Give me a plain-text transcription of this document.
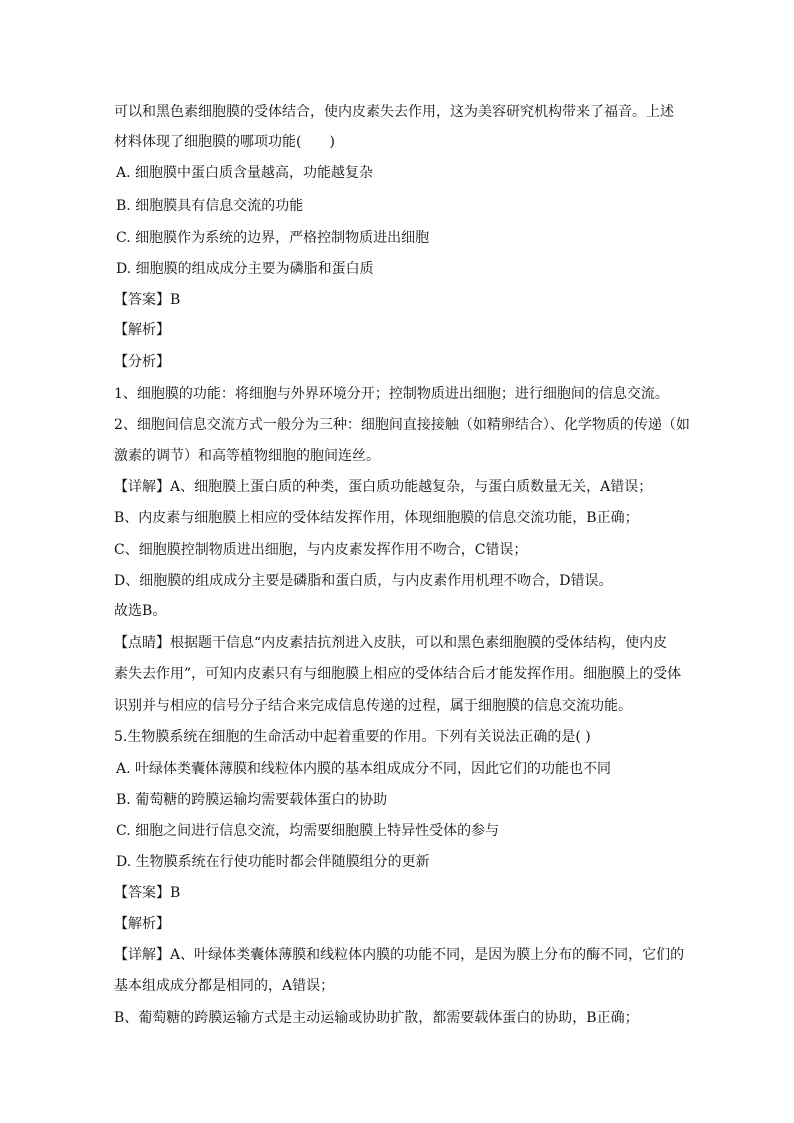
可以和黑色素细胞膜的受体结合，使内皮素失去作用，这为美容研究机构带来了福音。上述
材料体现了细胞膜的哪项功能(　　)
A. 细胞膜中蛋白质含量越高，功能越复杂
B. 细胞膜具有信息交流的功能
C. 细胞膜作为系统的边界，严格控制物质进出细胞
D. 细胞膜的组成成分主要为磷脂和蛋白质
【答案】B
【解析】
【分析】
1、细胞膜的功能：将细胞与外界环境分开；控制物质进出细胞；进行细胞间的信息交流。
2、细胞间信息交流方式一般分为三种：细胞间直接接触（如精卵结合）、化学物质的传递（如
激素的调节）和高等植物细胞的胞间连丝。
【详解】A、细胞膜上蛋白质的种类，蛋白质功能越复杂，与蛋白质数量无关，A错误；
B、内皮素与细胞膜上相应的受体结发挥作用，体现细胞膜的信息交流功能，B正确；
C、细胞膜控制物质进出细胞，与内皮素发挥作用不吻合，C错误；
D、细胞膜的组成成分主要是磷脂和蛋白质，与内皮素作用机理不吻合，D错误。
故选B。
【点睛】根据题干信息“内皮素拮抗剂进入皮肤，可以和黑色素细胞膜的受体结构，使内皮
素失去作用”，可知内皮素只有与细胞膜上相应的受体结合后才能发挥作用。细胞膜上的受体
识别并与相应的信号分子结合来完成信息传递的过程，属于细胞膜的信息交流功能。
5.生物膜系统在细胞的生命活动中起着重要的作用。下列有关说法正确的是( )
A. 叶绿体类囊体薄膜和线粒体内膜的基本组成成分不同，因此它们的功能也不同
B. 葡萄糖的跨膜运输均需要载体蛋白的协助
C. 细胞之间进行信息交流，均需要细胞膜上特异性受体的参与
D. 生物膜系统在行使功能时都会伴随膜组分的更新
【答案】B
【解析】
【详解】A、叶绿体类囊体薄膜和线粒体内膜的功能不同，是因为膜上分布的酶不同，它们的
基本组成成分都是相同的，A错误；
B、葡萄糖的跨膜运输方式是主动运输或协助扩散，都需要载体蛋白的协助，B正确；
